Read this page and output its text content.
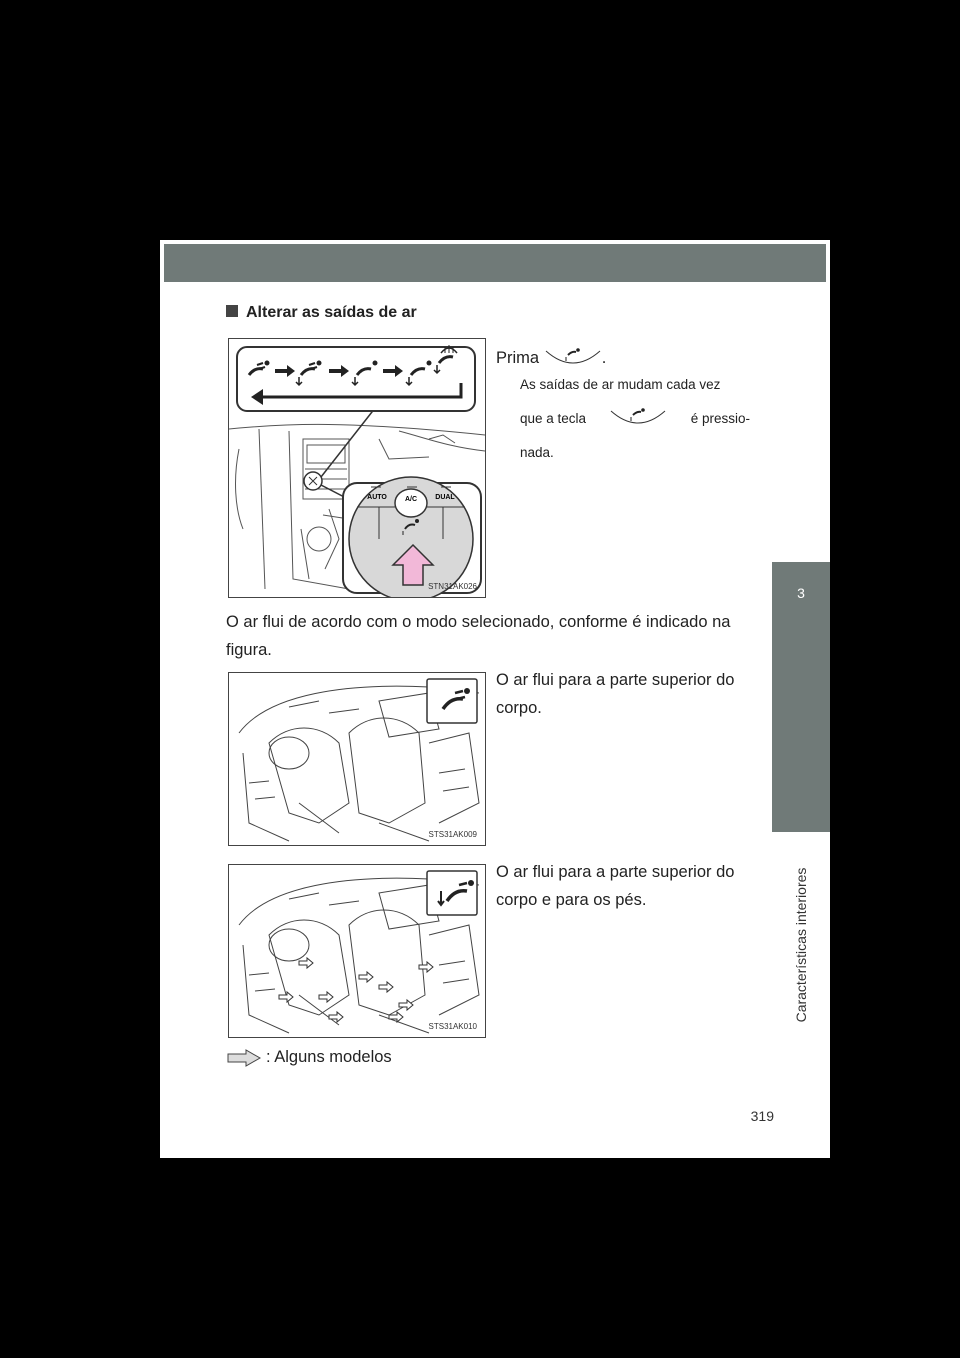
3
Características interiores
Alterar as saídas de ar
AUTO	A/C	DUAL
STN31AK026
Prima	.
As saídas de ar mudam cada vez
que a tecla	é pressio-
nada.
O ar flui de acordo com o modo selecionado, conforme é indicado na figura.
STS31AK009
O ar flui para a parte superior do corpo.
STS31AK010
O ar flui para a parte superior do corpo e para os pés.
: Alguns modelos
319
